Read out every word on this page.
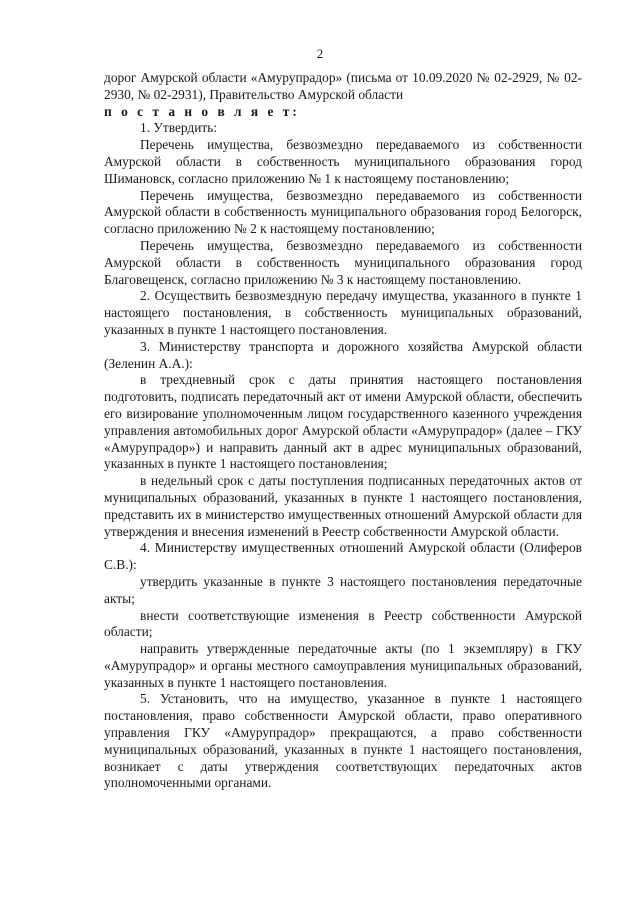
2

дорог Амурской области «Амурупрадор» (письма от 10.09.2020 № 02-2929, № 02-2930, № 02-2931), Правительство Амурской области

п о с т а н о в л я е т:

1. Утвердить:

Перечень имущества, безвозмездно передаваемого из собственности Амурской области в собственность муниципального образования город Шимановск, согласно приложению № 1 к настоящему постановлению;

Перечень имущества, безвозмездно передаваемого из собственности Амурской области в собственность муниципального образования город Белогорск, согласно приложению № 2 к настоящему постановлению;

Перечень имущества, безвозмездно передаваемого из собственности Амурской области в собственность муниципального образования город Благовещенск, согласно приложению № 3 к настоящему постановлению.

2. Осуществить безвозмездную передачу имущества, указанного в пункте 1 настоящего постановления, в собственность муниципальных образований, указанных в пункте 1 настоящего постановления.

3. Министерству транспорта и дорожного хозяйства Амурской области (Зеленин А.А.):

в трехдневный срок с даты принятия настоящего постановления подготовить, подписать передаточный акт от имени Амурской области, обеспечить его визирование уполномоченным лицом государственного казенного учреждения управления автомобильных дорог Амурской области «Амурупрадор» (далее – ГКУ «Амурупрадор») и направить данный акт в адрес муниципальных образований, указанных в пункте 1 настоящего постановления;

в недельный срок с даты поступления подписанных передаточных актов от муниципальных образований, указанных в пункте 1 настоящего постановления, представить их в министерство имущественных отношений Амурской области для утверждения и внесения изменений в Реестр собственности Амурской области.

4. Министерству имущественных отношений Амурской области (Олиферов С.В.):

утвердить указанные в пункте 3 настоящего постановления передаточные акты;

внести соответствующие изменения в Реестр собственности Амурской области;

направить утвержденные передаточные акты (по 1 экземпляру) в ГКУ «Амурупрадор» и органы местного самоуправления муниципальных образований, указанных в пункте 1 настоящего постановления.

5. Установить, что на имущество, указанное в пункте 1 настоящего постановления, право собственности Амурской области, право оперативного управления ГКУ «Амурупрадор» прекращаются, а право собственности муниципальных образований, указанных в пункте 1 настоящего постановления, возникает с даты утверждения соответствующих передаточных актов уполномоченными органами.
